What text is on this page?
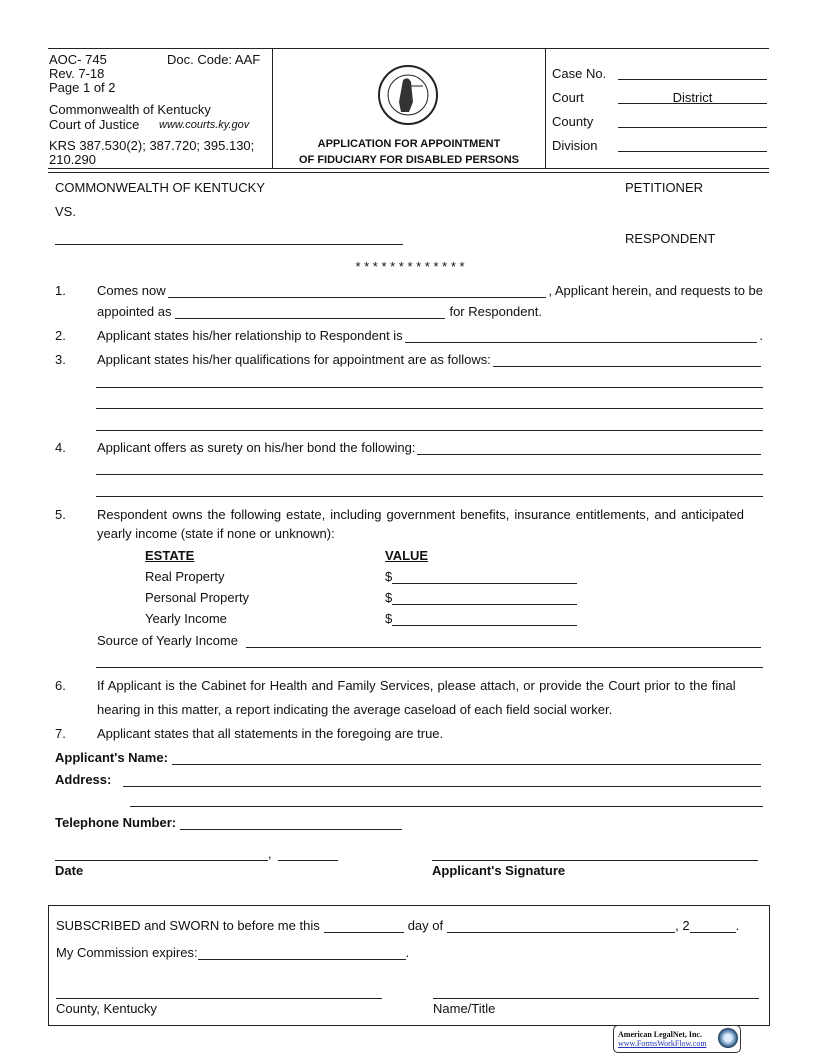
AOC- 745	Doc. Code: AAF
Rev. 7-18
Page 1 of 2
Commonwealth of Kentucky
Court of Justice www.courts.ky.gov
KRS 387.530(2); 387.720; 395.130;
210.290
APPLICATION FOR APPOINTMENT
OF FIDUCIARY FOR DISABLED PERSONS
Case No.
Court	District
County
Division
COMMONWEALTH OF KENTUCKY	PETITIONER
VS.
RESPONDENT
* * * * * * * * * * * * *
1. Comes now	, Applicant herein, and requests to be
appointed as	for Respondent.
2. Applicant states his/her relationship to Respondent is	.
3. Applicant states his/her qualifications for appointment are as follows:
4. Applicant offers as surety on his/her bond the following:
5. Respondent owns the following estate, including government benefits, insurance entitlements, and anticipated
yearly income (state if none or unknown):
ESTATE	VALUE
Real Property	$
Personal Property	$
Yearly Income	$
Source of Yearly Income
6. If Applicant is the Cabinet for Health and Family Services, please attach, or provide the Court prior to the final
hearing in this matter, a report indicating the average caseload of each field social worker.
7. Applicant states that all statements in the foregoing are true.
Applicant's Name:
Address:
Telephone Number:
,
Date	Applicant's Signature
SUBSCRIBED and SWORN to before me this	day of	, 2	.
My Commission expires:	.
County, Kentucky	Name/Title
American LegalNet, Inc.
www.FormsWorkFlow.com
